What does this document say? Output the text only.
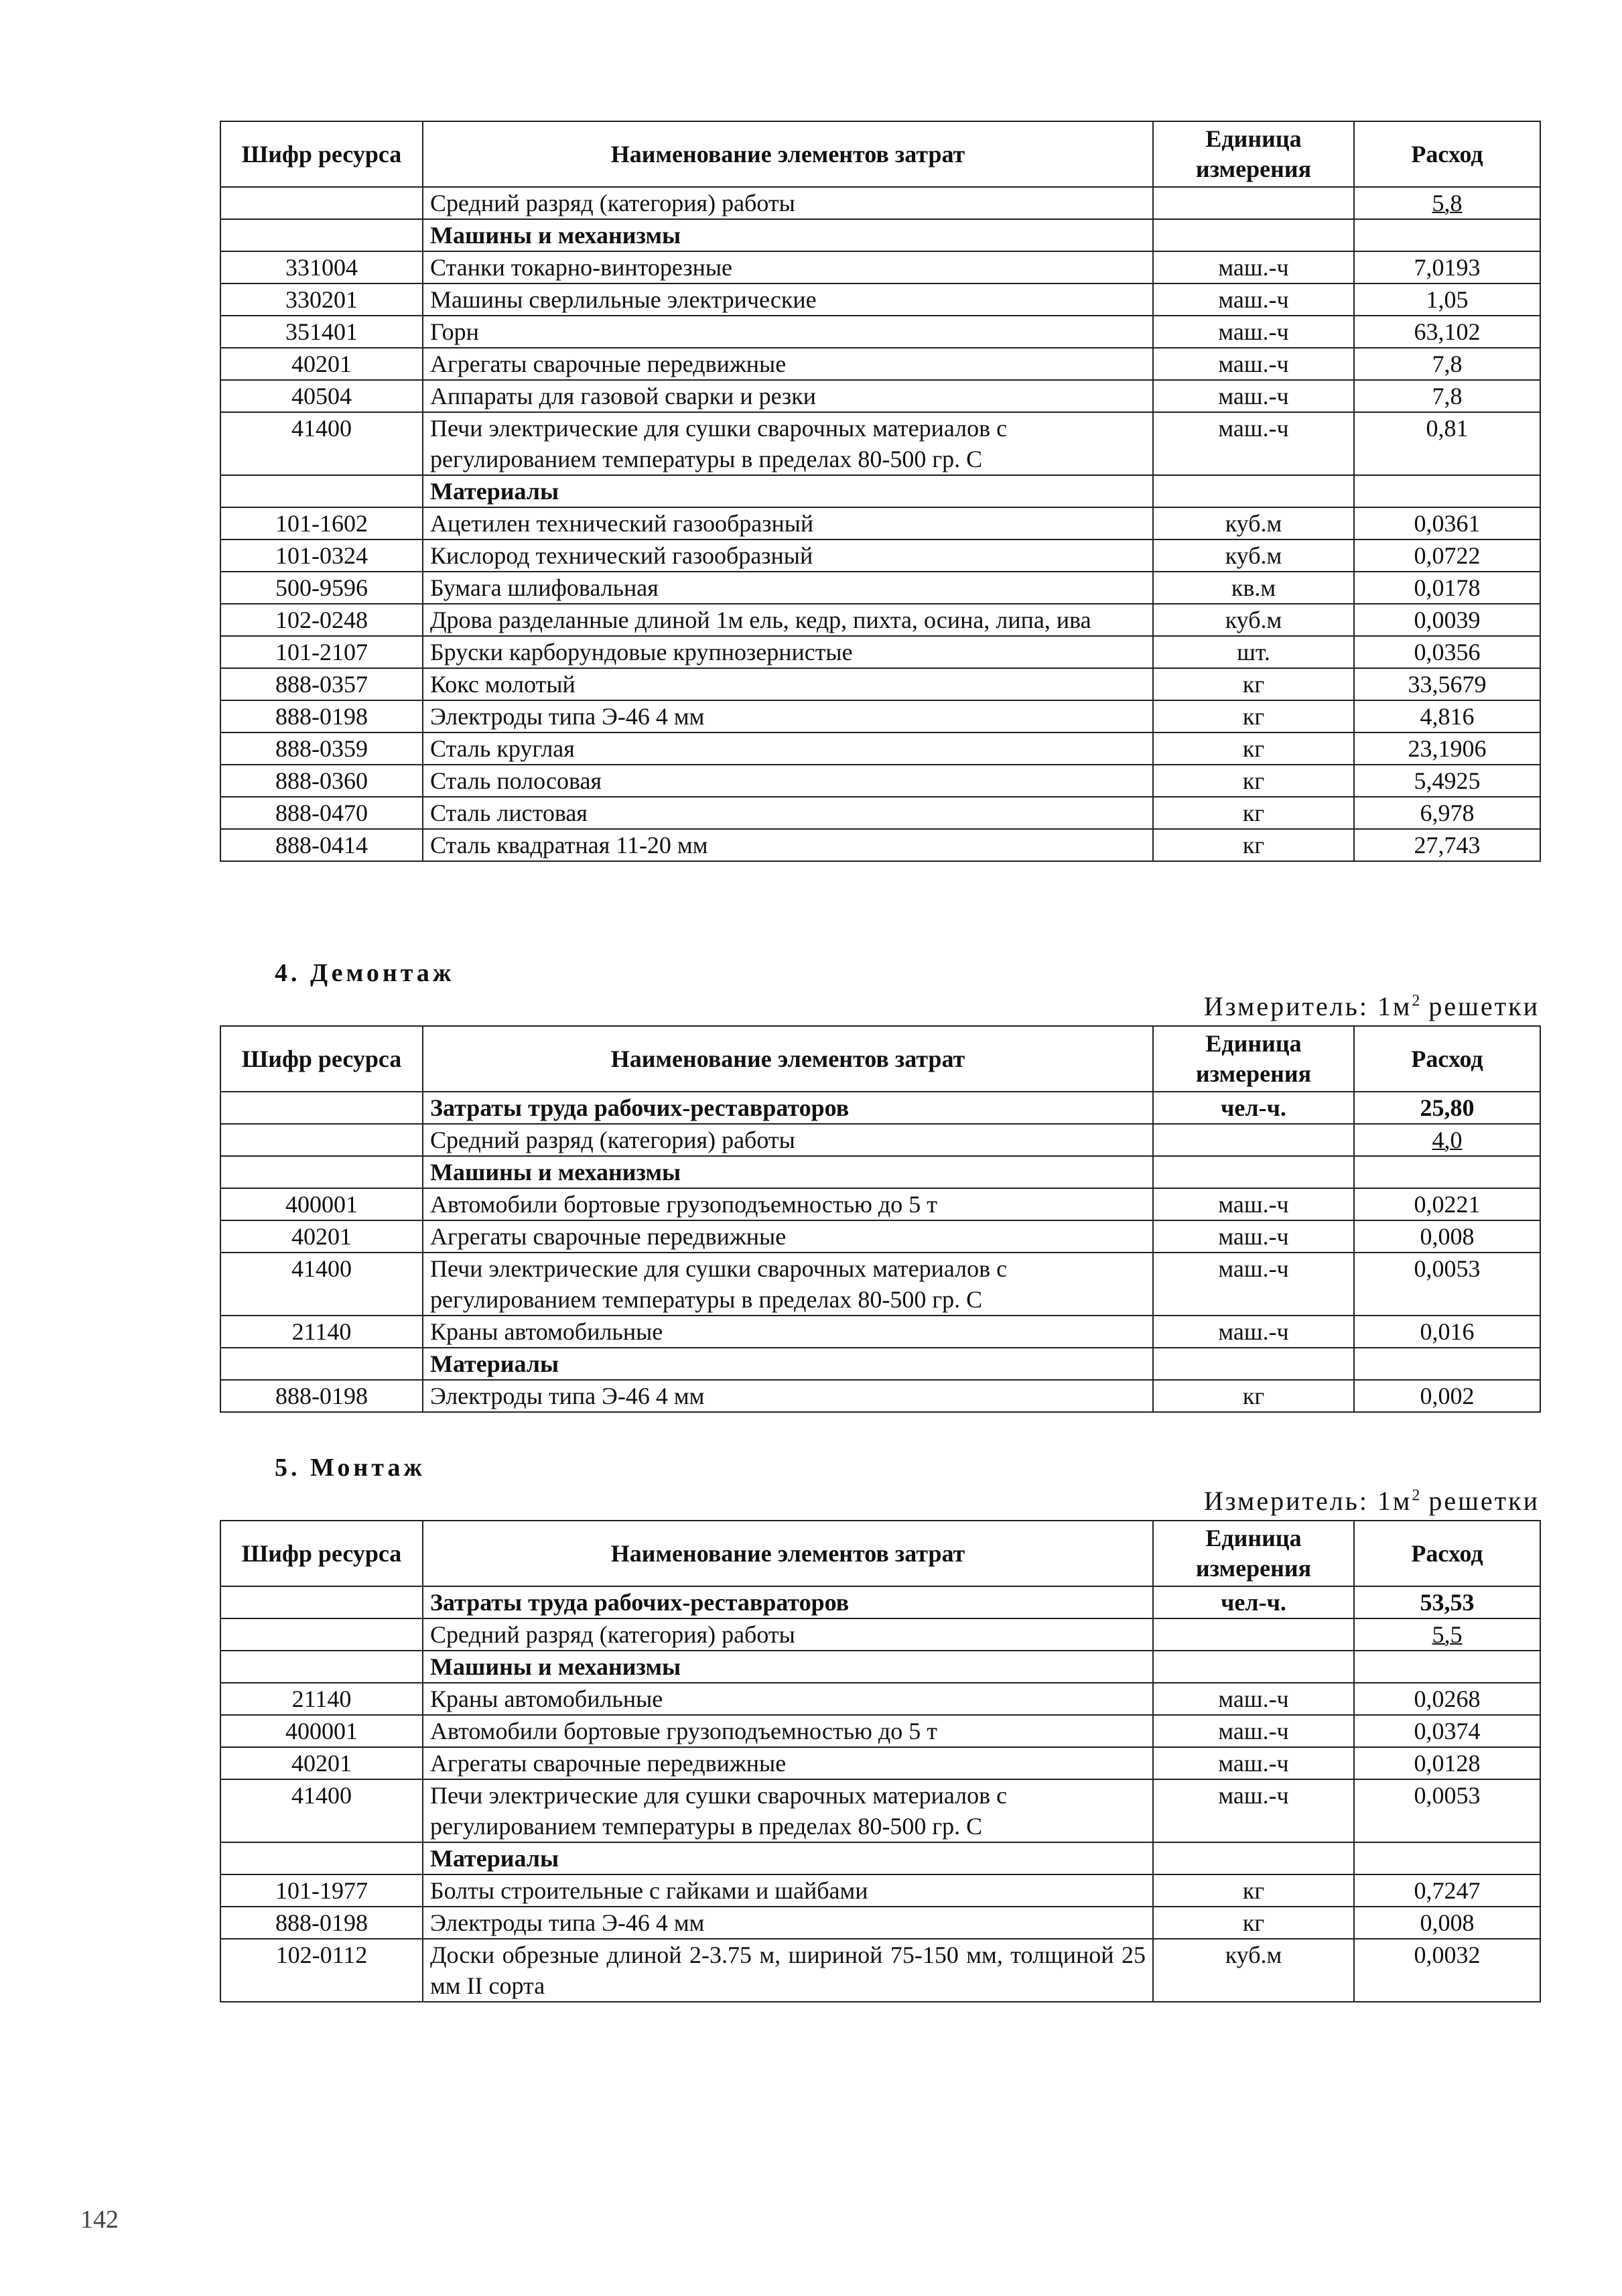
Шифр ресурса	Наименование элементов затрат	Единица измерения	Расход
	Средний разряд (категория) работы		5,8
	Машины и механизмы		
331004	Станки токарно-винторезные	маш.-ч	7,0193
330201	Машины сверлильные электрические	маш.-ч	1,05
351401	Горн	маш.-ч	63,102
40201	Агрегаты сварочные передвижные	маш.-ч	7,8
40504	Аппараты для газовой сварки и резки	маш.-ч	7,8
41400	Печи электрические для сушки сварочных материалов с регулированием температуры в пределах 80-500 гр. С	маш.-ч	0,81
	Материалы		
101-1602	Ацетилен технический газообразный	куб.м	0,0361
101-0324	Кислород технический газообразный	куб.м	0,0722
500-9596	Бумага шлифовальная	кв.м	0,0178
102-0248	Дрова разделанные длиной 1м ель, кедр, пихта, осина, липа, ива	куб.м	0,0039
101-2107	Бруски карборундовые крупнозернистые	шт.	0,0356
888-0357	Кокс молотый	кг	33,5679
888-0198	Электроды типа Э-46 4 мм	кг	4,816
888-0359	Сталь круглая	кг	23,1906
888-0360	Сталь полосовая	кг	5,4925
888-0470	Сталь листовая	кг	6,978
888-0414	Сталь квадратная 11-20 мм	кг	27,743
4. Демонтаж
Измеритель: $1м^2$ решетки
Шифр ресурса	Наименование элементов затрат	Единица измерения	Расход
	Затраты труда рабочих-реставраторов	чел-ч.	25,80
	Средний разряд (категория) работы		4,0
	Машины и механизмы		
400001	Автомобили бортовые грузоподъемностью до 5 т	маш.-ч	0,0221
40201	Агрегаты сварочные передвижные	маш.-ч	0,008
41400	Печи электрические для сушки сварочных материалов с регулированием температуры в пределах 80-500 гр. С	маш.-ч	0,0053
21140	Краны автомобильные	маш.-ч	0,016
	Материалы		
888-0198	Электроды типа Э-46 4 мм	кг	0,002
5. Монтаж
Измеритель: $1м^2$ решетки
Шифр ресурса	Наименование элементов затрат	Единица измерения	Расход
	Затраты труда рабочих-реставраторов	чел-ч.	53,53
	Средний разряд (категория) работы		5,5
	Машины и механизмы		
21140	Краны автомобильные	маш.-ч	0,0268
400001	Автомобили бортовые грузоподъемностью до 5 т	маш.-ч	0,0374
40201	Агрегаты сварочные передвижные	маш.-ч	0,0128
41400	Печи электрические для сушки сварочных материалов с регулированием температуры в пределах 80-500 гр. С	маш.-ч	0,0053
	Материалы		
101-1977	Болты строительные с гайками и шайбами	кг	0,7247
888-0198	Электроды типа Э-46 4 мм	кг	0,008
102-0112	Доски обрезные длиной 2-3.75 м, шириной 75-150 мм, толщиной 25 мм II сорта	куб.м	0,0032
142
